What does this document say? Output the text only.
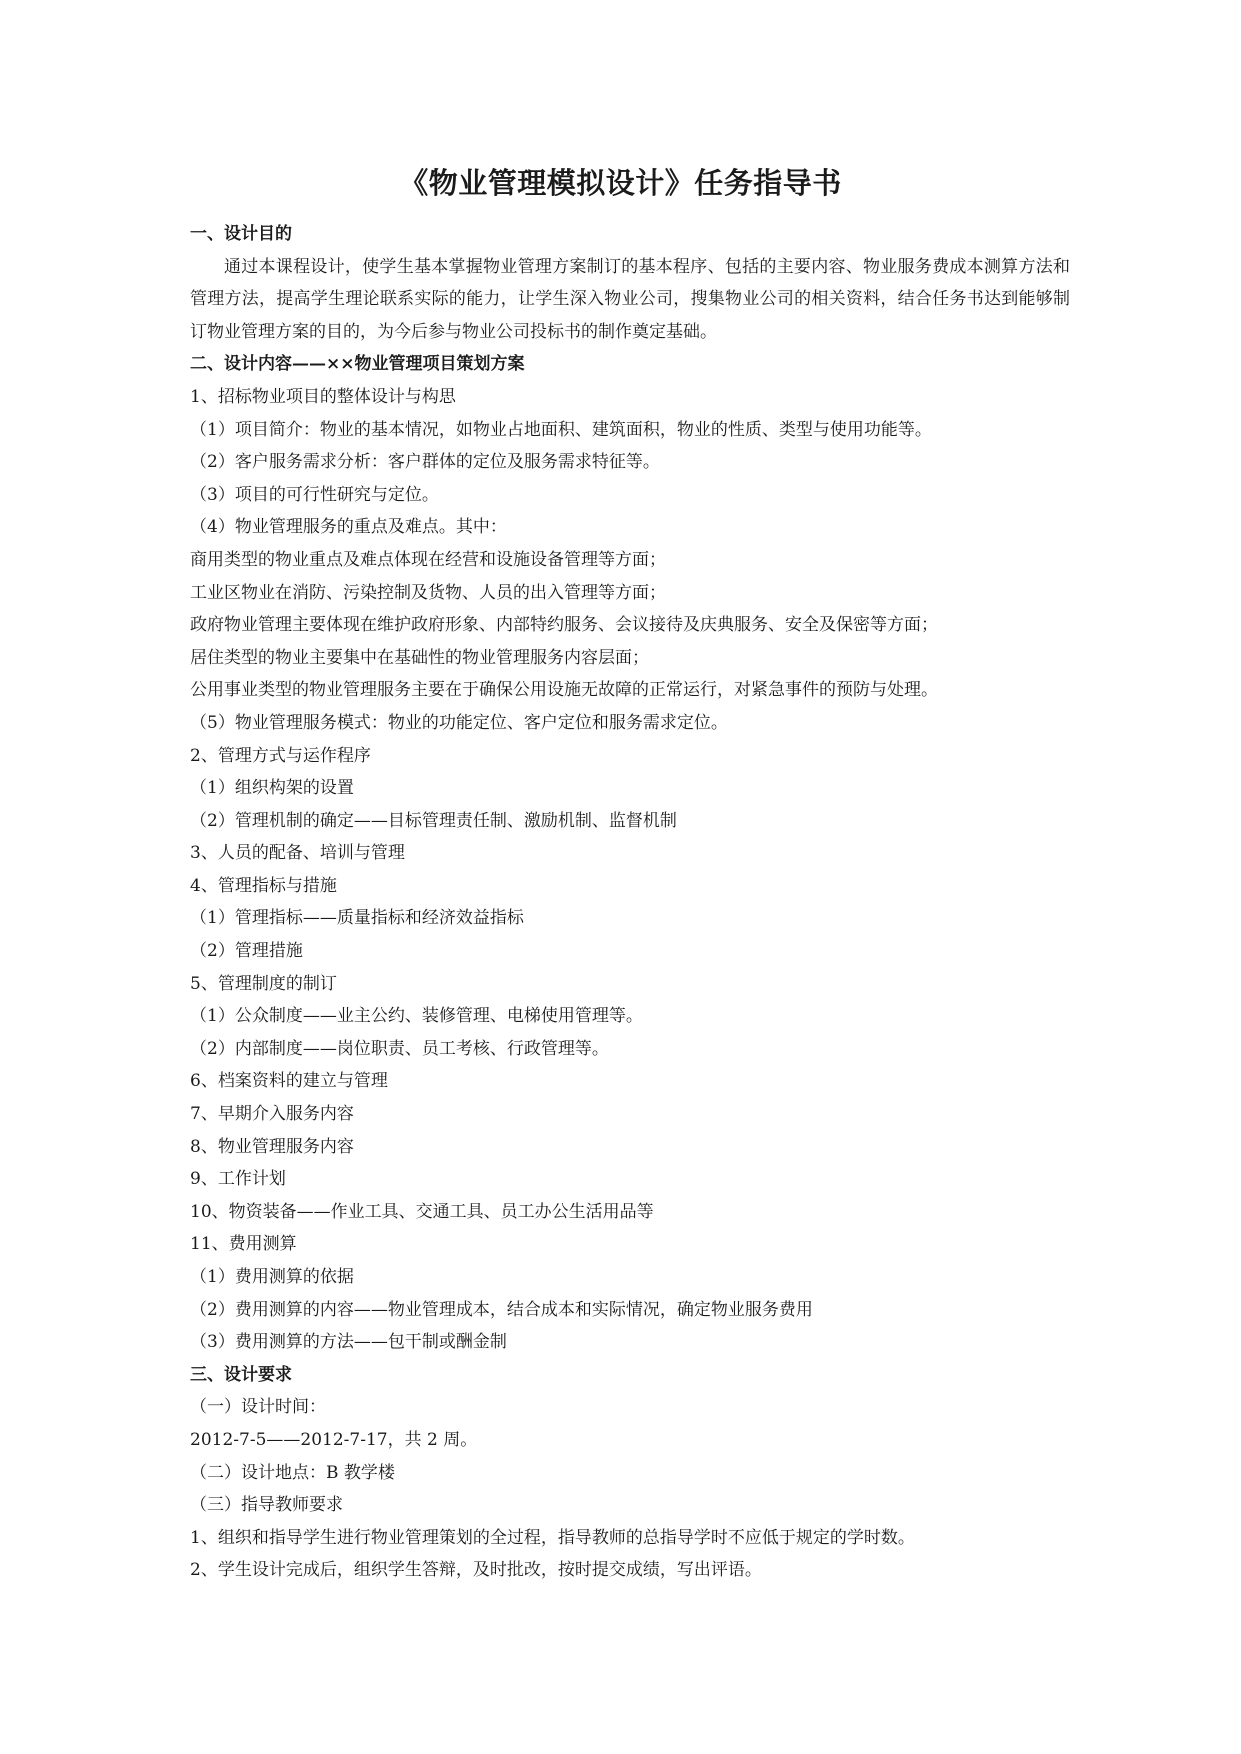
《物业管理模拟设计》任务指导书
一、设计目的
通过本课程设计，使学生基本掌握物业管理方案制订的基本程序、包括的主要内容、物业服务费成本测算方法和管理方法，提高学生理论联系实际的能力，让学生深入物业公司，搜集物业公司的相关资料，结合任务书达到能够制订物业管理方案的目的，为今后参与物业公司投标书的制作奠定基础。
二、设计内容——××物业管理项目策划方案
1、招标物业项目的整体设计与构思
（1）项目简介：物业的基本情况，如物业占地面积、建筑面积，物业的性质、类型与使用功能等。
（2）客户服务需求分析：客户群体的定位及服务需求特征等。
（3）项目的可行性研究与定位。
（4）物业管理服务的重点及难点。其中：
商用类型的物业重点及难点体现在经营和设施设备管理等方面；
工业区物业在消防、污染控制及货物、人员的出入管理等方面；
政府物业管理主要体现在维护政府形象、内部特约服务、会议接待及庆典服务、安全及保密等方面；
居住类型的物业主要集中在基础性的物业管理服务内容层面；
公用事业类型的物业管理服务主要在于确保公用设施无故障的正常运行，对紧急事件的预防与处理。
（5）物业管理服务模式：物业的功能定位、客户定位和服务需求定位。
2、管理方式与运作程序
（1）组织构架的设置
（2）管理机制的确定——目标管理责任制、激励机制、监督机制
3、人员的配备、培训与管理
4、管理指标与措施
（1）管理指标——质量指标和经济效益指标
（2）管理措施
5、管理制度的制订
（1）公众制度——业主公约、装修管理、电梯使用管理等。
（2）内部制度——岗位职责、员工考核、行政管理等。
6、档案资料的建立与管理
7、早期介入服务内容
8、物业管理服务内容
9、工作计划
10、物资装备——作业工具、交通工具、员工办公生活用品等
11、费用测算
（1）费用测算的依据
（2）费用测算的内容——物业管理成本，结合成本和实际情况，确定物业服务费用
（3）费用测算的方法——包干制或酬金制
三、设计要求
（一）设计时间：
2012-7-5——2012-7-17，共 2 周。
（二）设计地点：B 教学楼
（三）指导教师要求
1、组织和指导学生进行物业管理策划的全过程，指导教师的总指导学时不应低于规定的学时数。
2、学生设计完成后，组织学生答辩，及时批改，按时提交成绩，写出评语。
